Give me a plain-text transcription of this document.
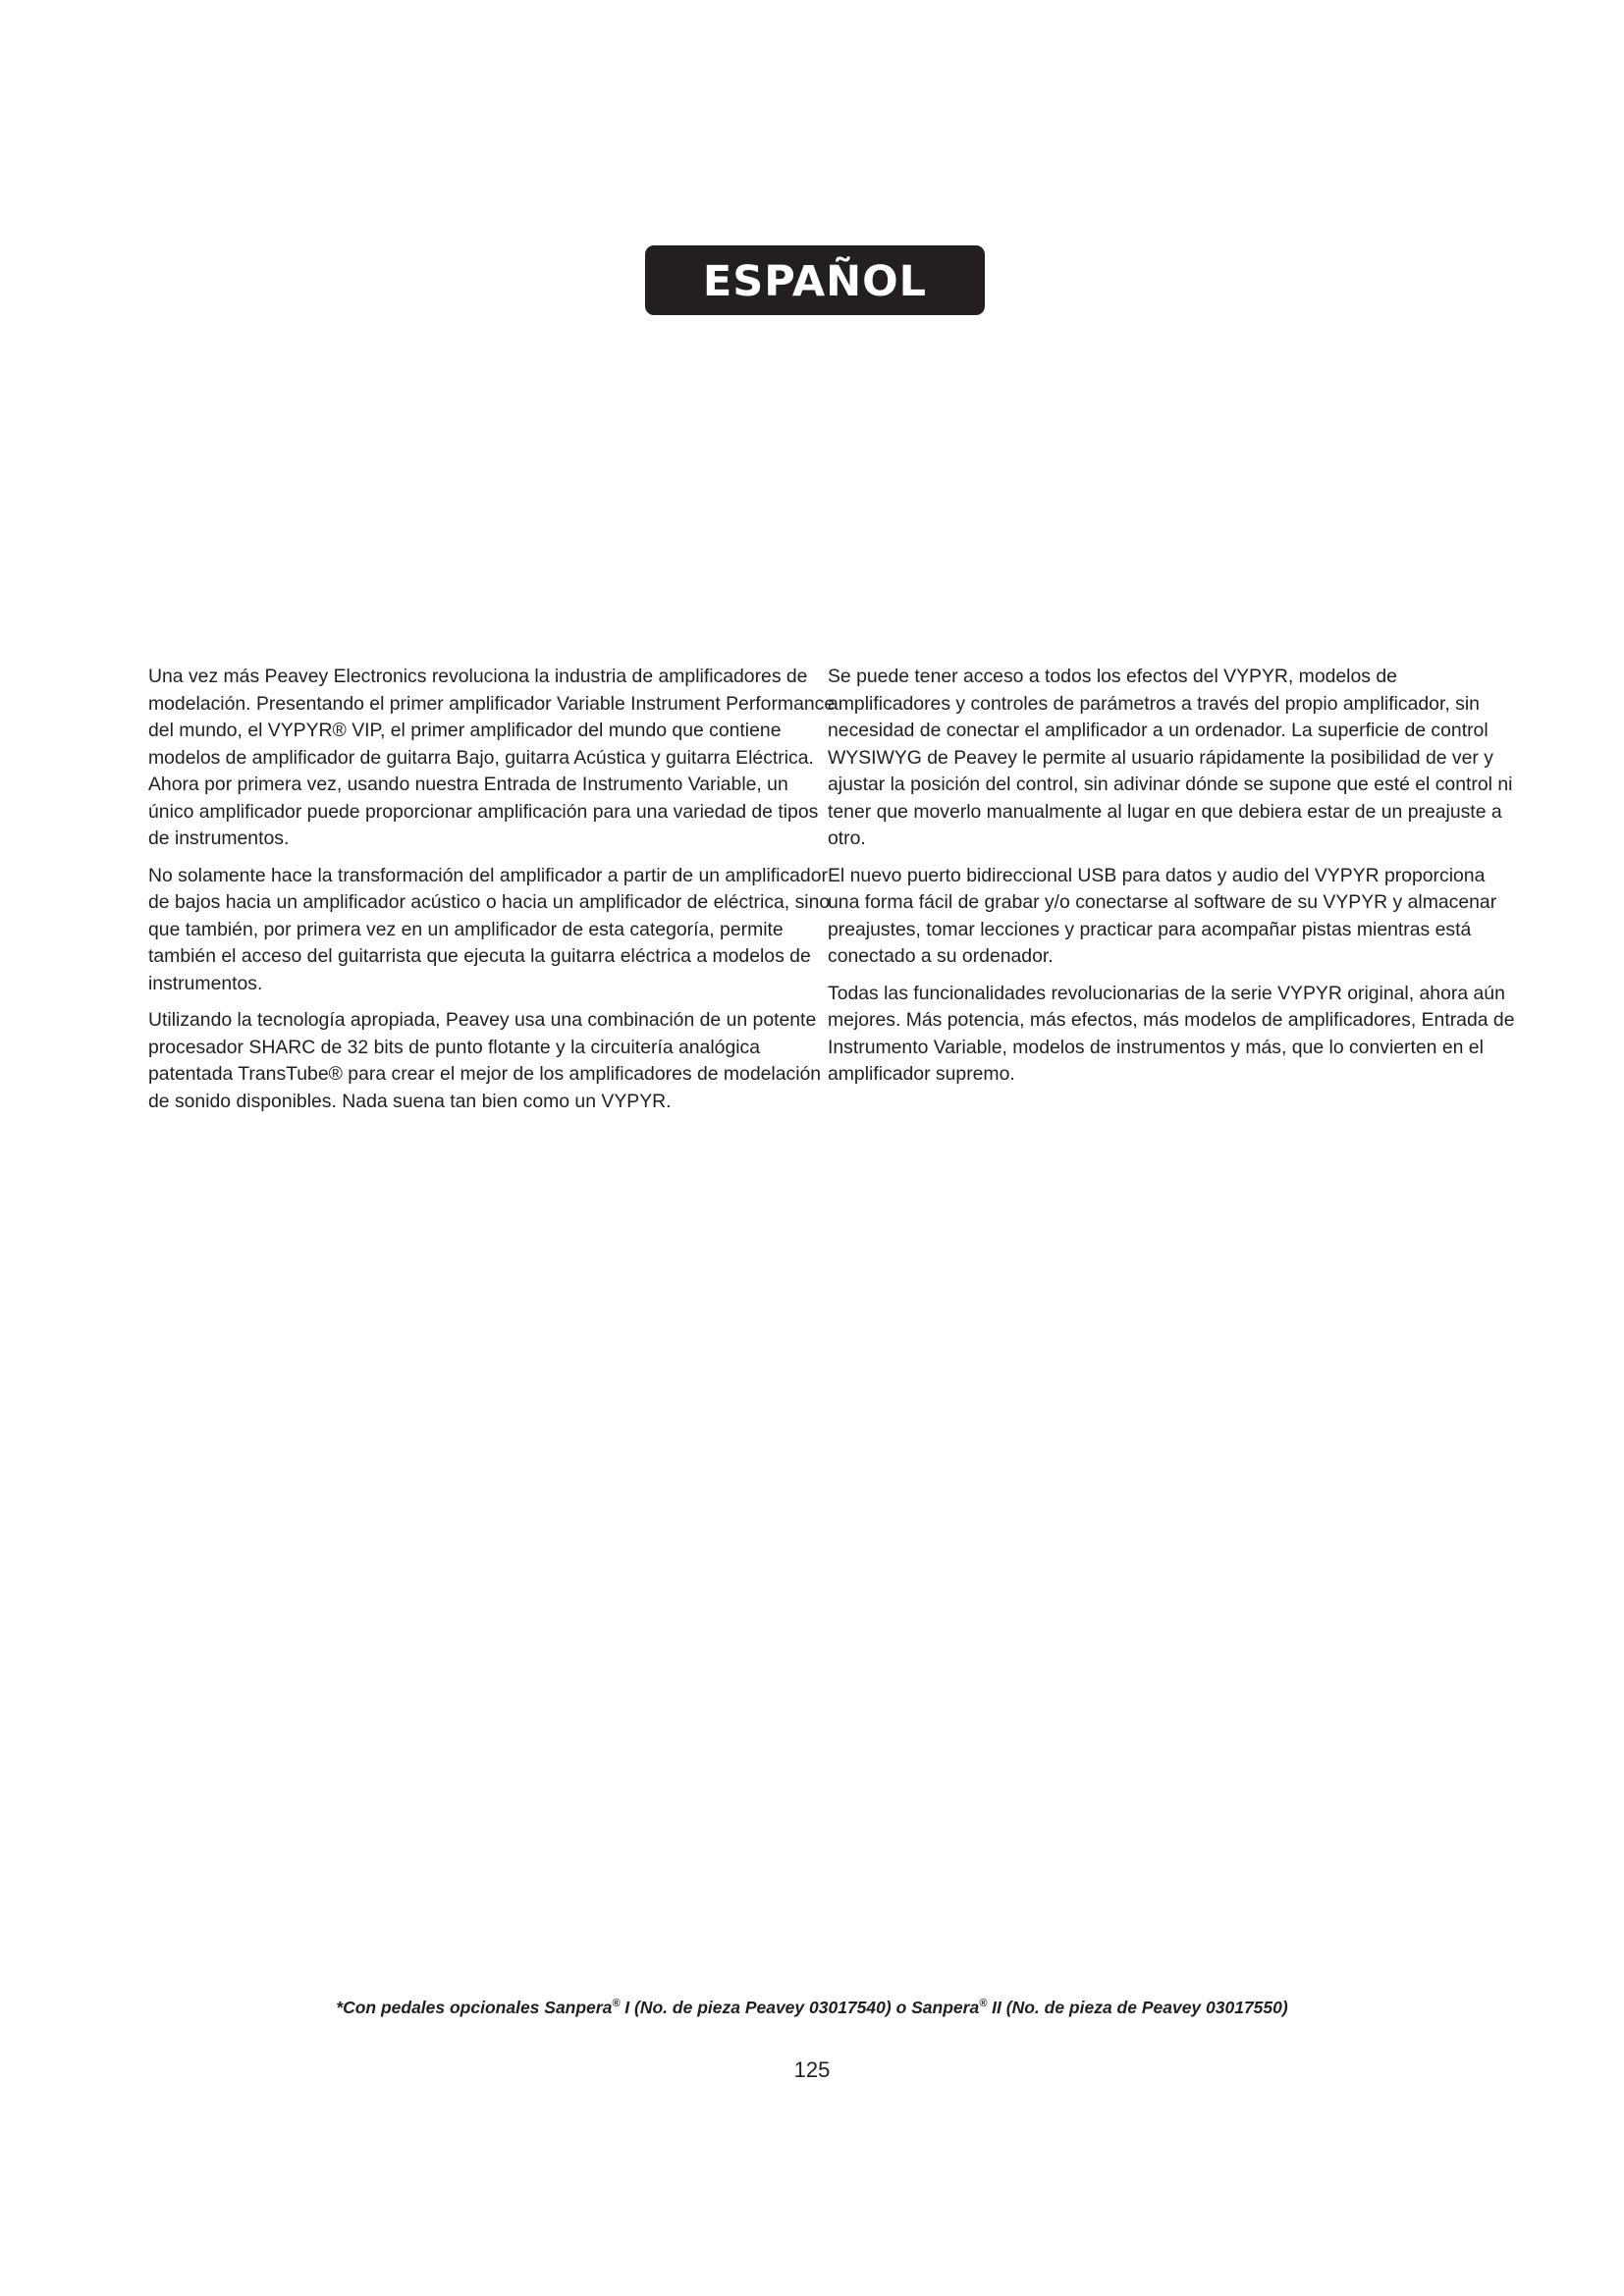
ESPAÑOL

Una vez más Peavey Electronics revoluciona la industria de amplificadores de modelación. Presentando el primer amplificador Variable Instrument Performance del mundo, el VYPYR® VIP, el primer amplificador del mundo que contiene modelos de amplificador de guitarra Bajo, guitarra Acústica y guitarra Eléctrica. Ahora por primera vez, usando nuestra Entrada de Instrumento Variable, un único amplificador puede proporcionar amplificación para una variedad de tipos de instrumentos.

No solamente hace la transformación del amplificador a partir de un amplificador de bajos hacia un amplificador acústico o hacia un amplificador de eléctrica, sino que también, por primera vez en un amplificador de esta categoría, permite también el acceso del guitarrista que ejecuta la guitarra eléctrica a modelos de instrumentos.

Utilizando la tecnología apropiada, Peavey usa una combinación de un potente procesador SHARC de 32 bits de punto flotante y la circuitería analógica patentada TransTube® para crear el mejor de los amplificadores de modelación de sonido disponibles. Nada suena tan bien como un VYPYR.

Se puede tener acceso a todos los efectos del VYPYR, modelos de amplificadores y controles de parámetros a través del propio amplificador, sin necesidad de conectar el amplificador a un ordenador. La superficie de control WYSIWYG de Peavey le permite al usuario rápidamente la posibilidad de ver y ajustar la posición del control, sin adivinar dónde se supone que esté el control ni tener que moverlo manualmente al lugar en que debiera estar de un preajuste a otro.

El nuevo puerto bidireccional USB para datos y audio del VYPYR proporciona una forma fácil de grabar y/o conectarse al software de su VYPYR y almacenar preajustes, tomar lecciones y practicar para acompañar pistas mientras está conectado a su ordenador.

Todas las funcionalidades revolucionarias de la serie VYPYR original, ahora aún mejores. Más potencia, más efectos, más modelos de amplificadores, Entrada de Instrumento Variable, modelos de instrumentos y más, que lo convierten en el amplificador supremo.

*Con pedales opcionales Sanpera® I (No. de pieza Peavey 03017540) o Sanpera® II (No. de pieza de Peavey 03017550)
125
